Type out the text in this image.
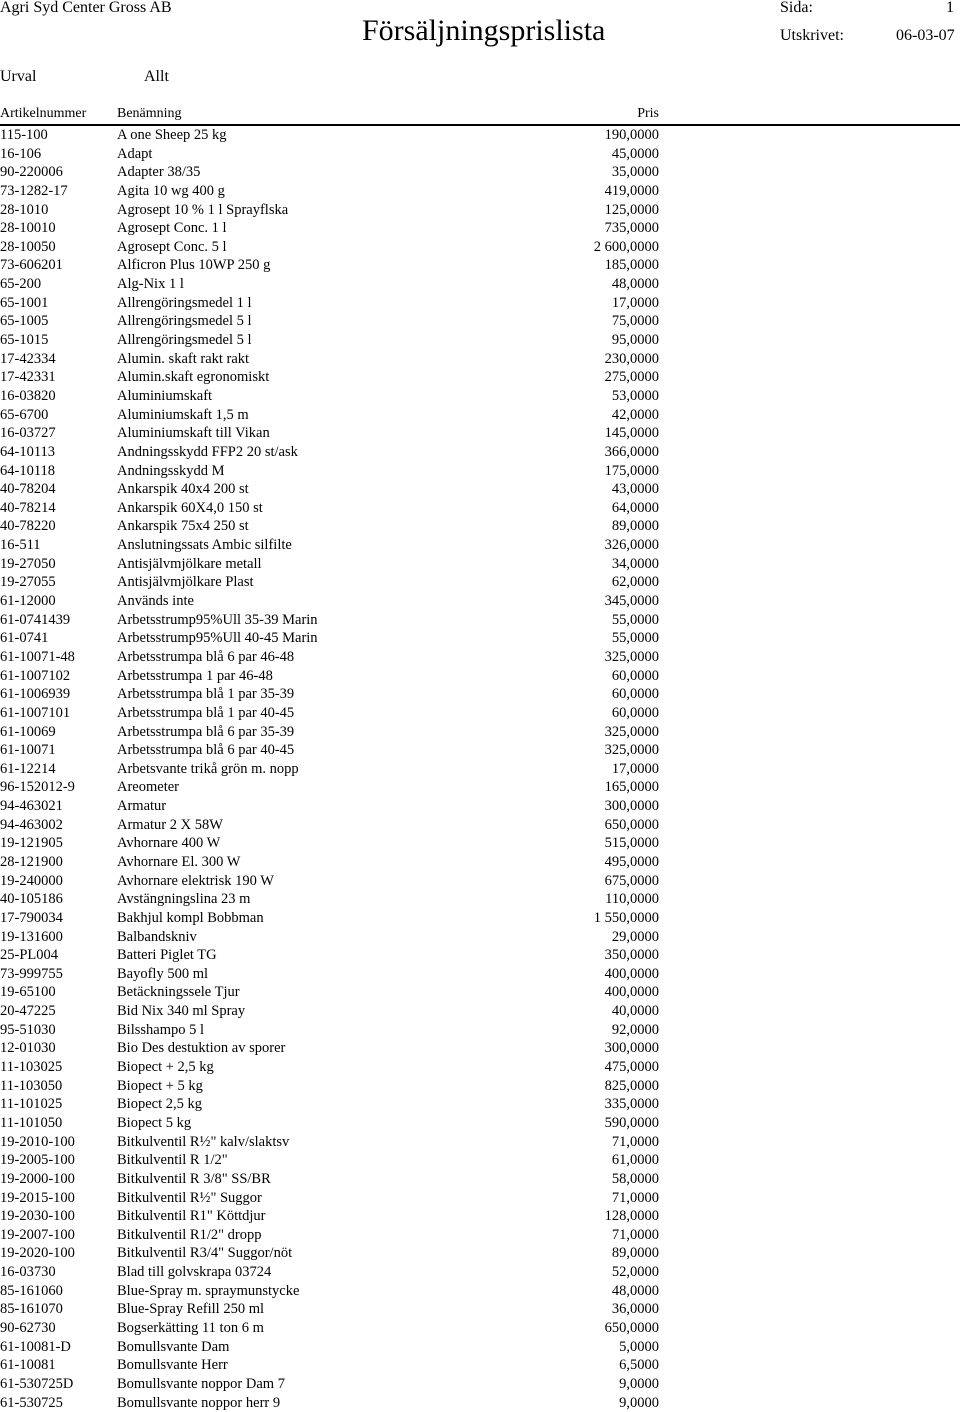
Agri Syd Center Gross AB
Försäljningsprislista
Sida:	1
Utskrivet:	06-03-07
Urval	Allt
Artikelnummer Benämning	Pris
115-100	A one Sheep 25 kg	190,0000
16-106	Adapt	45,0000
90-220006	Adapter 38/35	35,0000
73-1282-17	Agita 10 wg 400 g	419,0000
28-1010	Agrosept 10 % 1 l Sprayflska	125,0000
28-10010	Agrosept Conc. 1 l	735,0000
28-10050	Agrosept Conc. 5 l	2 600,0000
73-606201	Alficron Plus 10WP 250 g	185,0000
65-200	Alg-Nix 1 l	48,0000
65-1001	Allrengöringsmedel 1 l	17,0000
65-1005	Allrengöringsmedel 5 l	75,0000
65-1015	Allrengöringsmedel 5 l	95,0000
17-42334	Alumin. skaft rakt rakt	230,0000
17-42331	Alumin.skaft egronomiskt	275,0000
16-03820	Aluminiumskaft	53,0000
65-6700	Aluminiumskaft 1,5 m	42,0000
16-03727	Aluminiumskaft till Vikan	145,0000
64-10113	Andningsskydd FFP2 20 st/ask	366,0000
64-10118	Andningsskydd M	175,0000
40-78204	Ankarspik 40x4 200 st	43,0000
40-78214	Ankarspik 60X4,0 150 st	64,0000
40-78220	Ankarspik 75x4 250 st	89,0000
16-511	Anslutningssats Ambic silfilte	326,0000
19-27050	Antisjälvmjölkare metall	34,0000
19-27055	Antisjälvmjölkare Plast	62,0000
61-12000	Används inte	345,0000
61-0741439	Arbetsstrump95%Ull 35-39 Marin	55,0000
61-0741	Arbetsstrump95%Ull 40-45 Marin	55,0000
61-10071-48	Arbetsstrumpa blå 6 par 46-48	325,0000
61-1007102	Arbetsstrumpa 1 par 46-48	60,0000
61-1006939	Arbetsstrumpa blå 1 par 35-39	60,0000
61-1007101	Arbetsstrumpa blå 1 par 40-45	60,0000
61-10069	Arbetsstrumpa blå 6 par 35-39	325,0000
61-10071	Arbetsstrumpa blå 6 par 40-45	325,0000
61-12214	Arbetsvante trikå grön m. nopp	17,0000
96-152012-9	Areometer	165,0000
94-463021	Armatur	300,0000
94-463002	Armatur 2 X 58W	650,0000
19-121905	Avhornare 400 W	515,0000
28-121900	Avhornare El. 300 W	495,0000
19-240000	Avhornare elektrisk 190 W	675,0000
40-105186	Avstängningslina 23 m	110,0000
17-790034	Bakhjul kompl Bobbman	1 550,0000
19-131600	Balbandskniv	29,0000
25-PL004	Batteri Piglet TG	350,0000
73-999755	Bayofly 500 ml	400,0000
19-65100	Betäckningssele Tjur	400,0000
20-47225	Bid Nix 340 ml Spray	40,0000
95-51030	Bilsshampo 5 l	92,0000
12-01030	Bio Des destuktion av sporer	300,0000
11-103025	Biopect + 2,5 kg	475,0000
11-103050	Biopect + 5 kg	825,0000
11-101025	Biopect 2,5 kg	335,0000
11-101050	Biopect 5 kg	590,0000
19-2010-100	Bitkulventil R½" kalv/slaktsv	71,0000
19-2005-100	Bitkulventil R 1/2"	61,0000
19-2000-100	Bitkulventil R 3/8" SS/BR	58,0000
19-2015-100	Bitkulventil R½" Suggor	71,0000
19-2030-100	Bitkulventil R1" Köttdjur	128,0000
19-2007-100	Bitkulventil R1/2" dropp	71,0000
19-2020-100	Bitkulventil R3/4" Suggor/nöt	89,0000
16-03730	Blad till golvskrapa 03724	52,0000
85-161060	Blue-Spray m. spraymunstycke	48,0000
85-161070	Blue-Spray Refill 250 ml	36,0000
90-62730	Bogserkätting 11 ton 6 m	650,0000
61-10081-D	Bomullsvante Dam	5,0000
61-10081	Bomullsvante Herr	6,5000
61-530725D	Bomullsvante noppor Dam 7	9,0000
61-530725	Bomullsvante noppor herr 9	9,0000
